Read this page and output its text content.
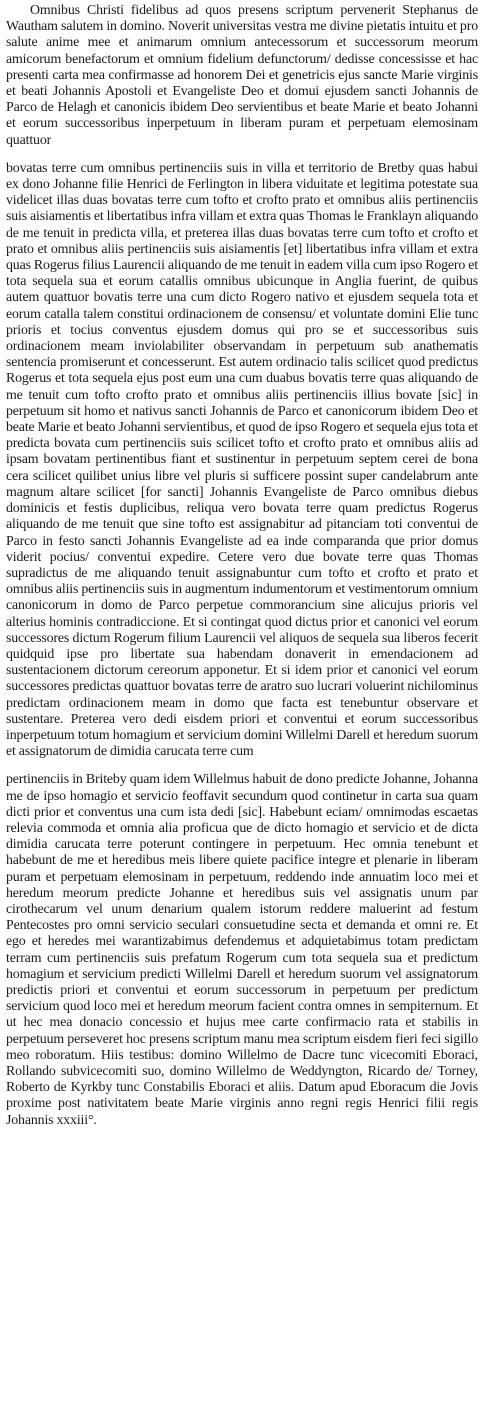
Omnibus Christi fidelibus ad quos presens scriptum pervenerit Stephanus de Wautham salutem in domino. Noverit universitas vestra me divine pietatis intuitu et pro salute anime mee et animarum omnium antecessorum et successorum meorum amicorum benefactorum et omnium fidelium defunctorum/ dedisse concessisse et hac presenti carta mea confirmasse ad honorem Dei et genetricis ejus sancte Marie virginis et beati Johannis Apostoli et Evangeliste Deo et domui ejusdem sancti Johannis de Parco de Helagh et canonicis ibidem Deo servientibus et beate Marie et beato Johanni et eorum successoribus inperpetuum in liberam puram et perpetuam elemosinam quattuor

bovatas terre cum omnibus pertinenciis suis in villa et territorio de Bretby quas habui ex dono Johanne filie Henrici de Ferlington in libera viduitate et legitima potestate sua videlicet illas duas bovatas terre cum tofto et crofto prato et omnibus aliis pertinenciis suis aisiamentis et libertatibus infra villam et extra quas Thomas le Franklayn aliquando de me tenuit in predicta villa, et preterea illas duas bovatas terre cum tofto et crofto et prato et omnibus aliis pertinenciis suis aisiamentis [et] libertatibus infra villam et extra quas Rogerus filius Laurencii aliquando de me tenuit in eadem villa cum ipso Rogero et tota sequela sua et eorum catallis omnibus ubicunque in Anglia fuerint, de quibus autem quattuor bovatis terre una cum dicto Rogero nativo et ejusdem sequela tota et eorum catalla talem constitui ordinacionem de consensu/ et voluntate domini Elie tunc prioris et tocius conventus ejusdem domus qui pro se et successoribus suis ordinacionem meam inviolabiliter observandam in perpetuum sub anathematis sentencia promiserunt et concesserunt. Est autem ordinacio talis scilicet quod predictus Rogerus et tota sequela ejus post eum una cum duabus bovatis terre quas aliquando de me tenuit cum tofto crofto prato et omnibus aliis pertinenciis illius bovate [sic] in perpetuum sit homo et nativus sancti Johannis de Parco et canonicorum ibidem Deo et beate Marie et beato Johanni servientibus, et quod de ipso Rogero et sequela ejus tota et predicta bovata cum pertinenciis suis scilicet tofto et crofto prato et omnibus aliis ad ipsam bovatam pertinentibus fiant et sustinentur in perpetuum septem cerei de bona cera scilicet quilibet unius libre vel pluris si sufficere possint super candelabrum ante magnum altare scilicet [for sancti] Johannis Evangeliste de Parco omnibus diebus dominicis et festis duplicibus, reliqua vero bovata terre quam predictus Rogerus aliquando de me tenuit que sine tofto est assignabitur ad pitanciam toti conventui de Parco in festo sancti Johannis Evangeliste ad ea inde comparanda que prior domus viderit pocius/ conventui expedire. Cetere vero due bovate terre quas Thomas supradictus de me aliquando tenuit assignabuntur cum tofto et crofto et prato et omnibus aliis pertinenciis suis in augmentum indumentorum et vestimentorum omnium canonicorum in domo de Parco perpetue commorancium sine alicujus prioris vel alterius hominis contradiccione. Et si contingat quod dictus prior et canonici vel eorum successores dictum Rogerum filium Laurencii vel aliquos de sequela sua liberos fecerit quidquid ipse pro libertate sua habendam donaverit in emendacionem ad sustentacionem dictorum cereorum apponetur. Et si idem prior et canonici vel eorum successores predictas quattuor bovatas terre de aratro suo lucrari voluerint nichilominus predictam ordinacionem meam in domo que facta est tenebuntur observare et sustentare. Preterea vero dedi eisdem priori et conventui et eorum successoribus inperpetuum totum homagium et servicium domini Willelmi Darell et heredum suorum et assignatorum de dimidia carucata terre cum

pertinenciis in Briteby quam idem Willelmus habuit de dono predicte Johanne, Johanna me de ipso homagio et servicio feoffavit secundum quod continetur in carta sua quam dicti prior et conventus una cum ista dedi [sic]. Habebunt eciam/ omnimodas escaetas relevia commoda et omnia alia proficua que de dicto homagio et servicio et de dicta dimidia carucata terre poterunt contingere in perpetuum. Hec omnia tenebunt et habebunt de me et heredibus meis libere quiete pacifice integre et plenarie in liberam puram et perpetuam elemosinam in perpetuum, reddendo inde annuatim loco mei et heredum meorum predicte Johanne et heredibus suis vel assignatis unum par cirothecarum vel unum denarium qualem istorum reddere maluerint ad festum Pentecostes pro omni servicio seculari consuetudine secta et demanda et omni re. Et ego et heredes mei warantizabimus defendemus et adquietabimus totam predictam terram cum pertinenciis suis prefatum Rogerum cum tota sequela sua et predictum homagium et servicium predicti Willelmi Darell et heredum suorum vel assignatorum predictis priori et conventui et eorum successorum in perpetuum per predictum servicium quod loco mei et heredum meorum facient contra omnes in sempiternum. Et ut hec mea donacio concessio et hujus mee carte confirmacio rata et stabilis in perpetuum perseveret hoc presens scriptum manu mea scriptum eisdem fieri feci sigillo meo roboratum. Hiis testibus: domino Willelmo de Dacre tunc vicecomiti Eboraci, Rollando subvicecomiti suo, domino Willelmo de Weddyngton, Ricardo de/ Torney, Roberto de Kyrkby tunc Constabilis Eboraci et aliis. Datum apud Eboracum die Jovis proxime post nativitatem beate Marie virginis anno regni regis Henrici filii regis Johannis xxxiii°.
